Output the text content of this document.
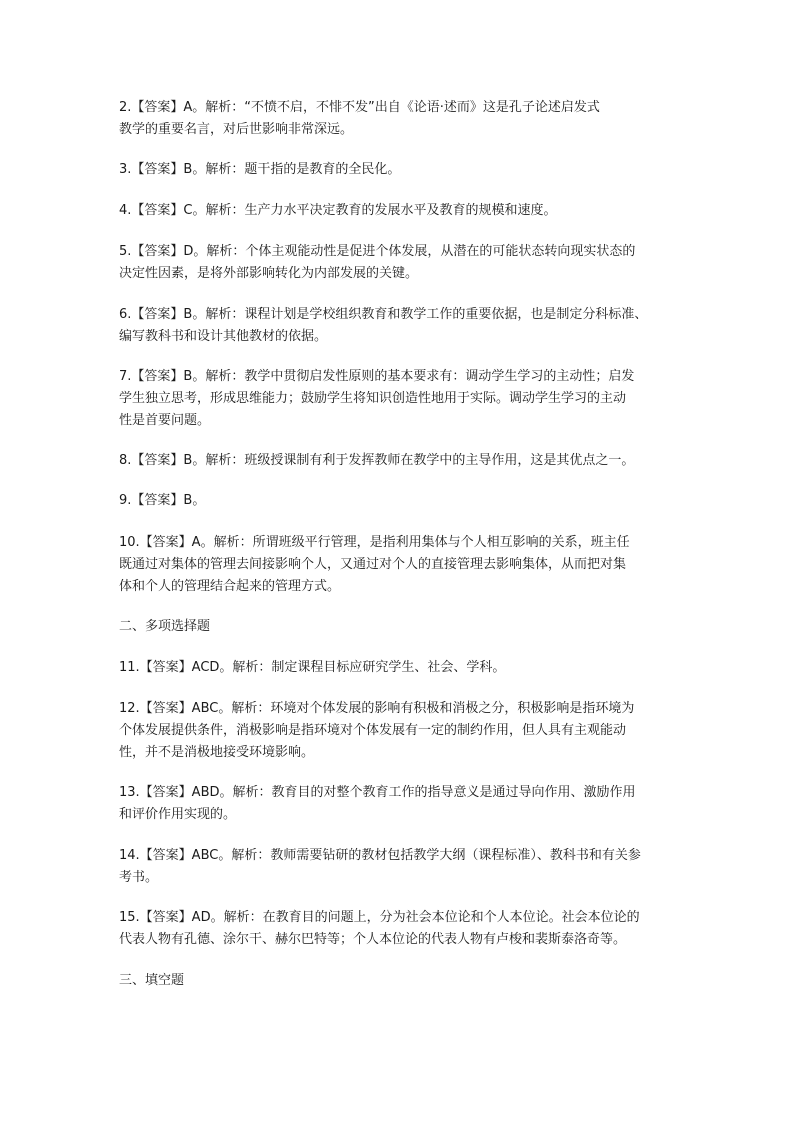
2.【答案】A。解析：“不愤不启，不悱不发”出自《论语·述而》这是孔子论述启发式
教学的重要名言，对后世影响非常深远。
3.【答案】B。解析：题干指的是教育的全民化。
4.【答案】C。解析：生产力水平决定教育的发展水平及教育的规模和速度。
5.【答案】D。解析：个体主观能动性是促进个体发展，从潜在的可能状态转向现实状态的
决定性因素，是将外部影响转化为内部发展的关键。
6.【答案】B。解析：课程计划是学校组织教育和教学工作的重要依据，也是制定分科标准、
编写教科书和设计其他教材的依据。
7.【答案】B。解析：教学中贯彻启发性原则的基本要求有：调动学生学习的主动性；启发
学生独立思考，形成思维能力；鼓励学生将知识创造性地用于实际。调动学生学习的主动
性是首要问题。
8.【答案】B。解析：班级授课制有利于发挥教师在教学中的主导作用，这是其优点之一。
9.【答案】B。
10.【答案】A。解析：所谓班级平行管理，是指利用集体与个人相互影响的关系，班主任
既通过对集体的管理去间接影响个人，又通过对个人的直接管理去影响集体，从而把对集
体和个人的管理结合起来的管理方式。
二、多项选择题
11.【答案】ACD。解析：制定课程目标应研究学生、社会、学科。
12.【答案】ABC。解析：环境对个体发展的影响有积极和消极之分，积极影响是指环境为
个体发展提供条件，消极影响是指环境对个体发展有一定的制约作用，但人具有主观能动
性，并不是消极地接受环境影响。
13.【答案】ABD。解析：教育目的对整个教育工作的指导意义是通过导向作用、激励作用
和评价作用实现的。
14.【答案】ABC。解析：教师需要钻研的教材包括教学大纲（课程标准）、教科书和有关参
考书。
15.【答案】AD。解析：在教育目的问题上，分为社会本位论和个人本位论。社会本位论的
代表人物有孔德、涂尔干、赫尔巴特等；个人本位论的代表人物有卢梭和裴斯泰洛奇等。
三、填空题
